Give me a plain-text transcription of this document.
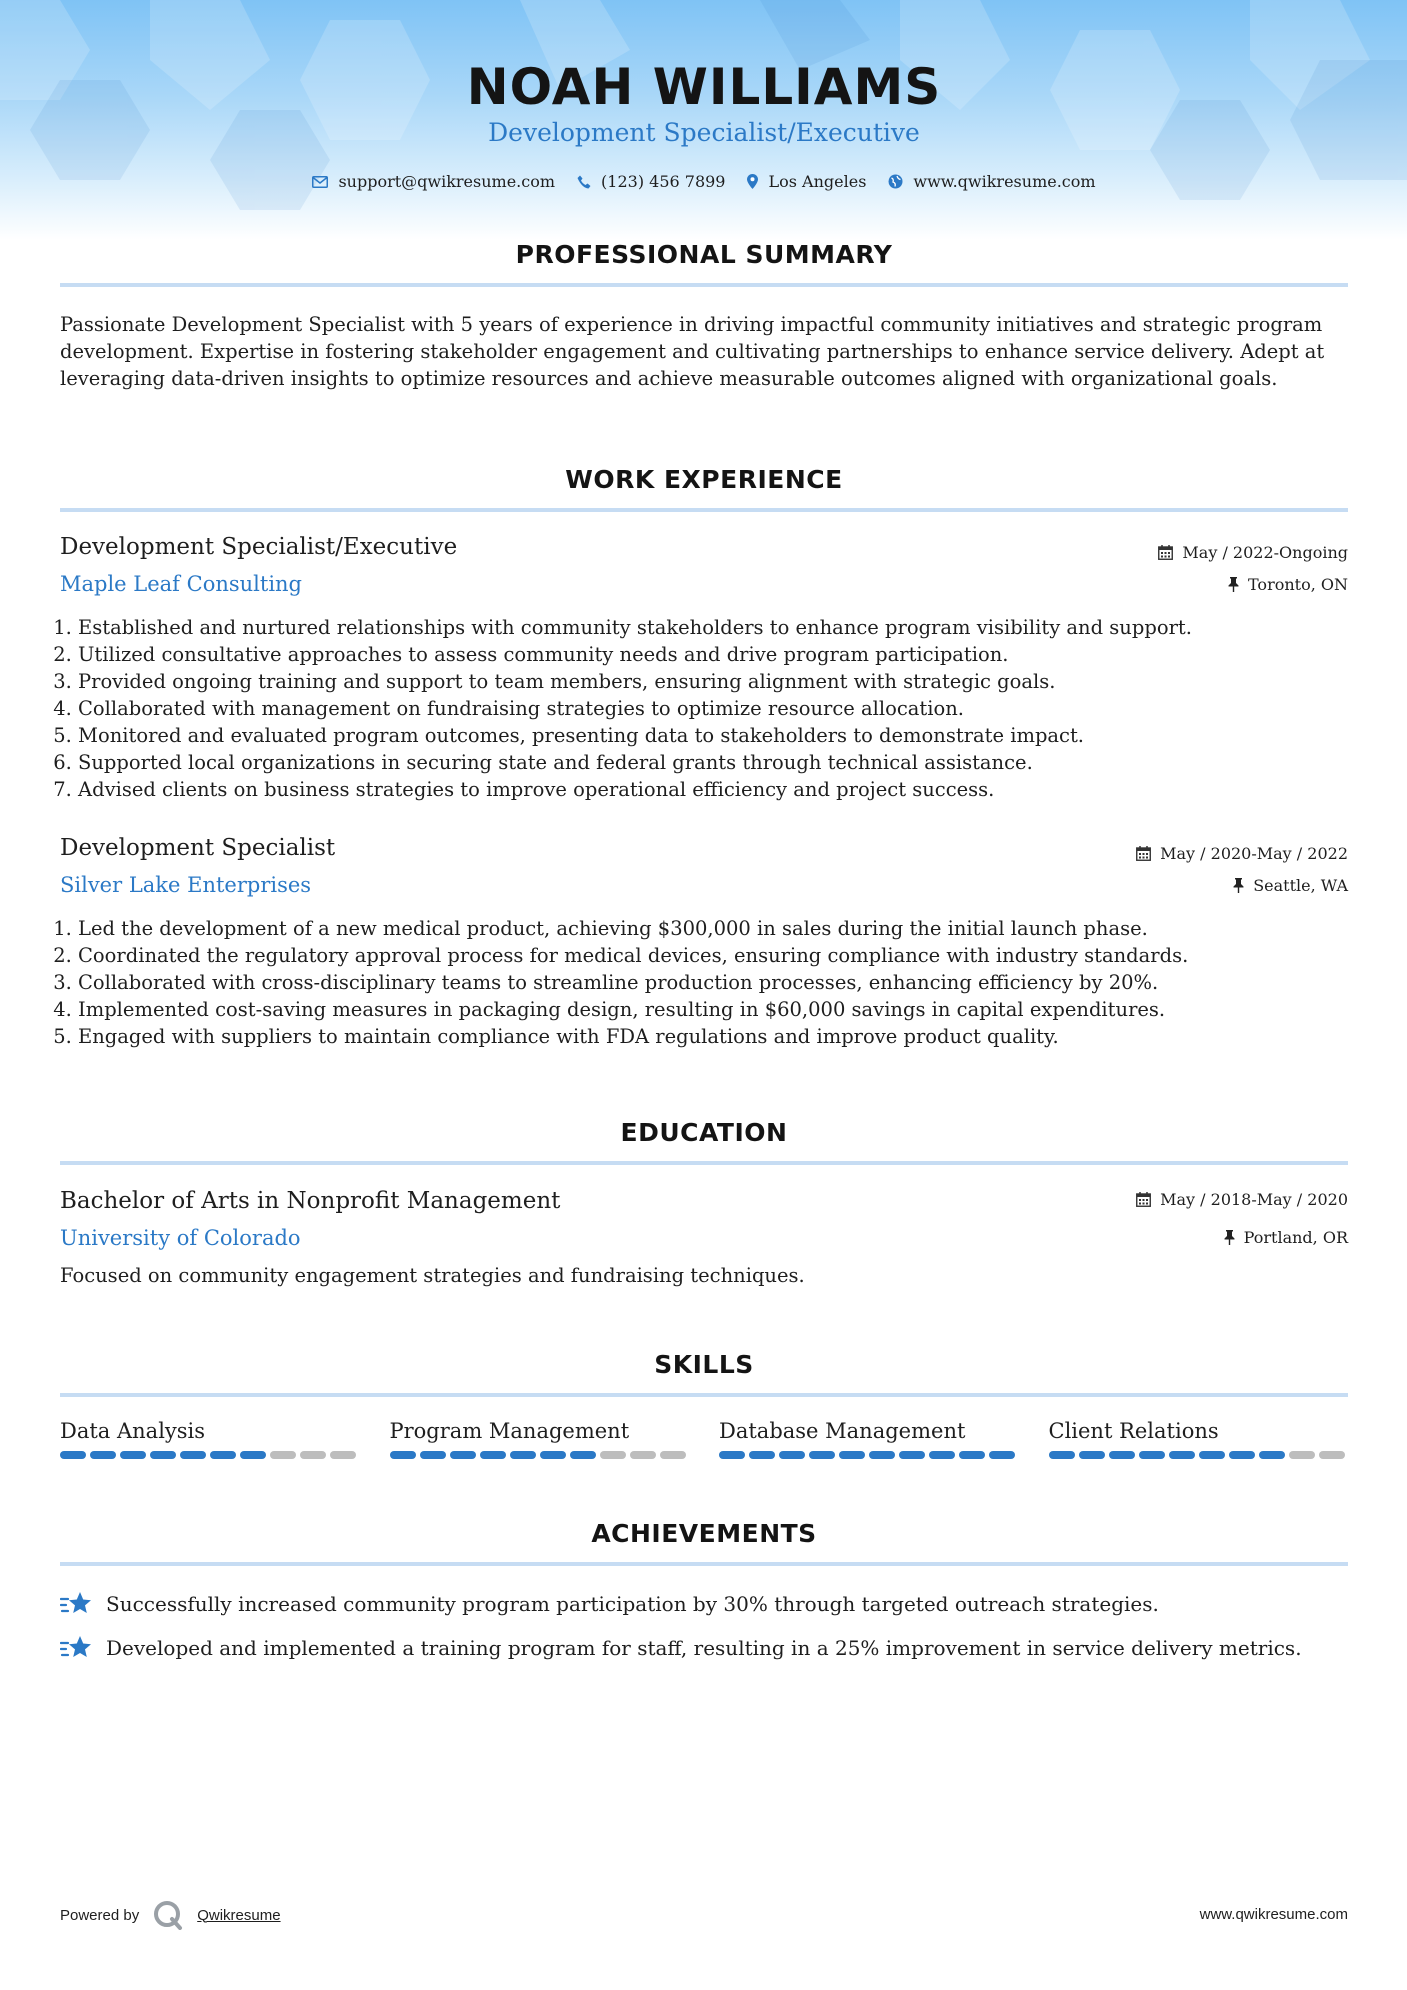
NOAH WILLIAMS
Development Specialist/Executive
support@qwikresume.com	(123) 456 7899	Los Angeles	www.qwikresume.com
PROFESSIONAL SUMMARY
Passionate Development Specialist with 5 years of experience in driving impactful community initiatives and strategic program development. Expertise in fostering stakeholder engagement and cultivating partnerships to enhance service delivery. Adept at leveraging data-driven insights to optimize resources and achieve measurable outcomes aligned with organizational goals.
WORK EXPERIENCE
Development Specialist/Executive	May / 2022-Ongoing
Maple Leaf Consulting	Toronto, ON
1. Established and nurtured relationships with community stakeholders to enhance program visibility and support.
2. Utilized consultative approaches to assess community needs and drive program participation.
3. Provided ongoing training and support to team members, ensuring alignment with strategic goals.
4. Collaborated with management on fundraising strategies to optimize resource allocation.
5. Monitored and evaluated program outcomes, presenting data to stakeholders to demonstrate impact.
6. Supported local organizations in securing state and federal grants through technical assistance.
7. Advised clients on business strategies to improve operational efficiency and project success.
Development Specialist	May / 2020-May / 2022
Silver Lake Enterprises	Seattle, WA
1. Led the development of a new medical product, achieving $300,000 in sales during the initial launch phase.
2. Coordinated the regulatory approval process for medical devices, ensuring compliance with industry standards.
3. Collaborated with cross-disciplinary teams to streamline production processes, enhancing efficiency by 20%.
4. Implemented cost-saving measures in packaging design, resulting in $60,000 savings in capital expenditures.
5. Engaged with suppliers to maintain compliance with FDA regulations and improve product quality.
EDUCATION
Bachelor of Arts in Nonprofit Management	May / 2018-May / 2020
University of Colorado	Portland, OR
Focused on community engagement strategies and fundraising techniques.
SKILLS
Data Analysis	Program Management	Database Management	Client Relations
ACHIEVEMENTS
Successfully increased community program participation by 30% through targeted outreach strategies.
Developed and implemented a training program for staff, resulting in a 25% improvement in service delivery metrics.
Powered by	Qwikresume	www.qwikresume.com
